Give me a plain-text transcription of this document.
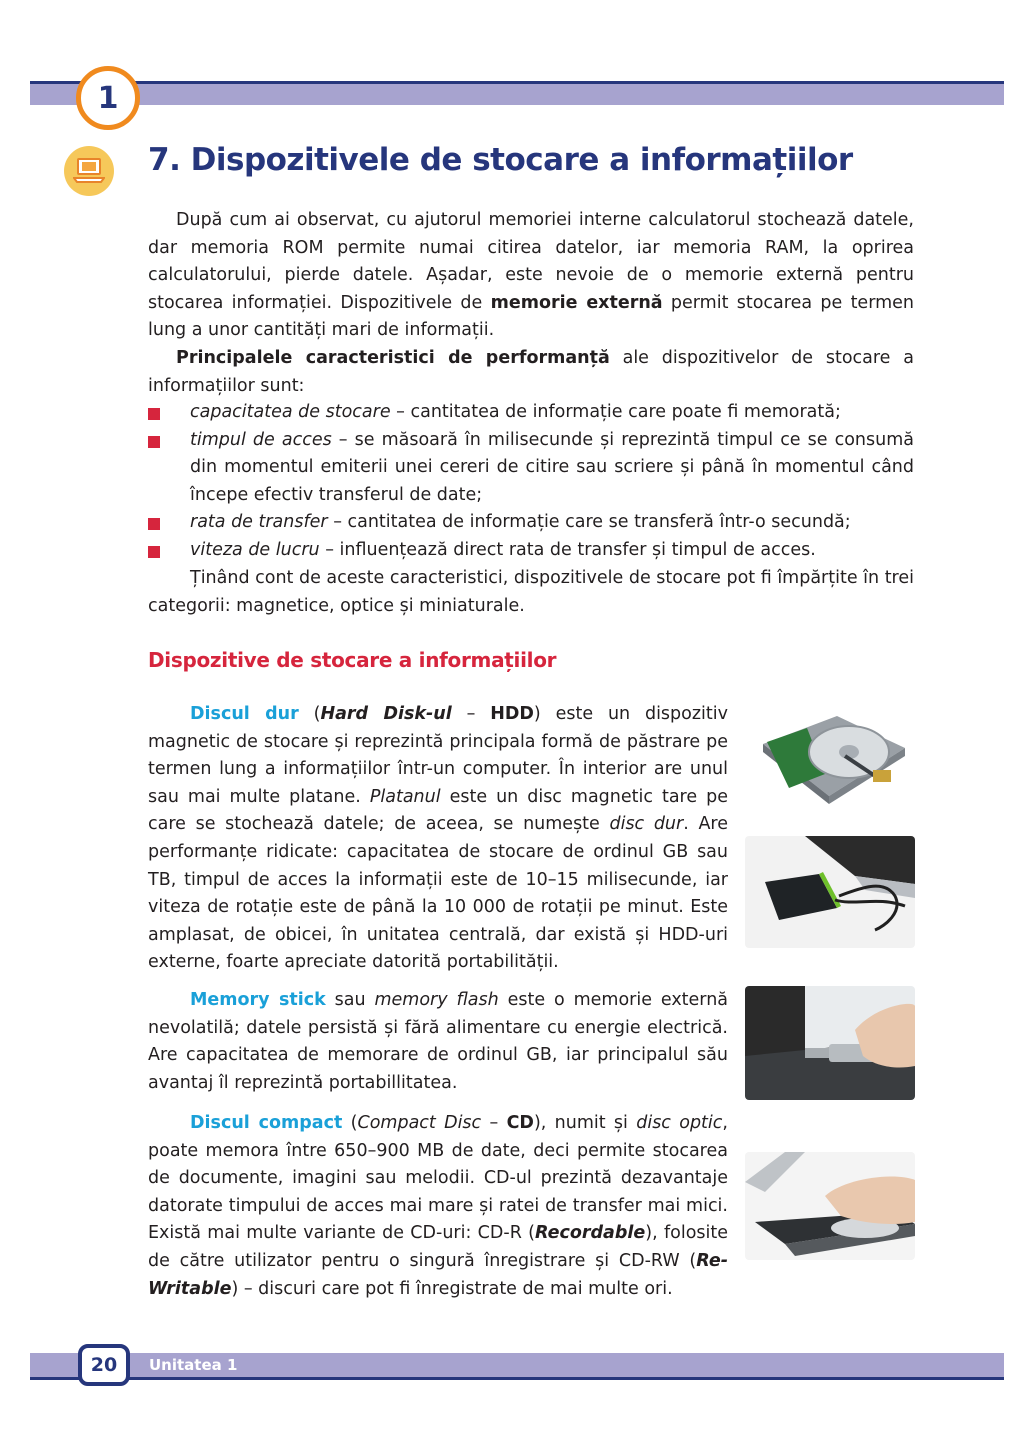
1
7. Dispozitivele de stocare a informațiilor

După cum ai observat, cu ajutorul memoriei interne calculatorul stochează datele, dar memoria ROM permite numai citirea datelor, iar memoria RAM, la oprirea calculatorului, pierde datele. Așadar, este nevoie de o memorie externă pentru stocarea informației. Dispozitivele de memorie externă permit stocarea pe termen lung a unor cantități mari de informații.

Principalele caracteristici de performanță ale dispozitivelor de stocare a informațiilor sunt:

capacitatea de stocare – cantitatea de informație care poate fi memorată;
timpul de acces – se măsoară în milisecunde și reprezintă timpul ce se consumă din momentul emiterii unei cereri de citire sau scriere și până în momentul când începe efectiv transferul de date;
rata de transfer – cantitatea de informație care se transferă într-o secundă;
viteza de lucru – influențează direct rata de transfer și timpul de acces.

Ținând cont de aceste caracteristici, dispozitivele de stocare pot fi împărțite în trei categorii: magnetice, optice și miniaturale.

Dispozitive de stocare a informațiilor

Discul dur (Hard Disk-ul – HDD) este un dispozitiv magnetic de stocare și reprezintă principala formă de păstrare pe termen lung a informațiilor într-un computer. În interior are unul sau mai multe platane. Platanul este un disc magnetic tare pe care se stochează datele; de aceea, se numește disc dur. Are performanțe ridicate: capacitatea de stocare de ordinul GB sau TB, timpul de acces la informații este de 10–15 milisecunde, iar viteza de rotație este de până la 10 000 de rotații pe minut. Este amplasat, de obicei, în unitatea centrală, dar există și HDD-uri externe, foarte apreciate datorită portabilității.

Memory stick sau memory flash este o memorie externă nevolatilă; datele persistă și fără alimentare cu energie electrică. Are capacitatea de memorare de ordinul GB, iar principalul său avantaj îl reprezintă portabillitatea.

Discul compact (Compact Disc – CD), numit și disc optic, poate memora între 650–900 MB de date, deci permite stocarea de documente, imagini sau melodii. CD-ul prezintă dezavantaje datorate timpului de acces mai mare și ratei de transfer mai mici. Există mai multe variante de CD-uri: CD-R (Recordable), folosite de către utilizator pentru o singură înregistrare și CD-RW (Re-Writable) – discuri care pot fi înregistrate de mai multe ori.

20	Unitatea 1
